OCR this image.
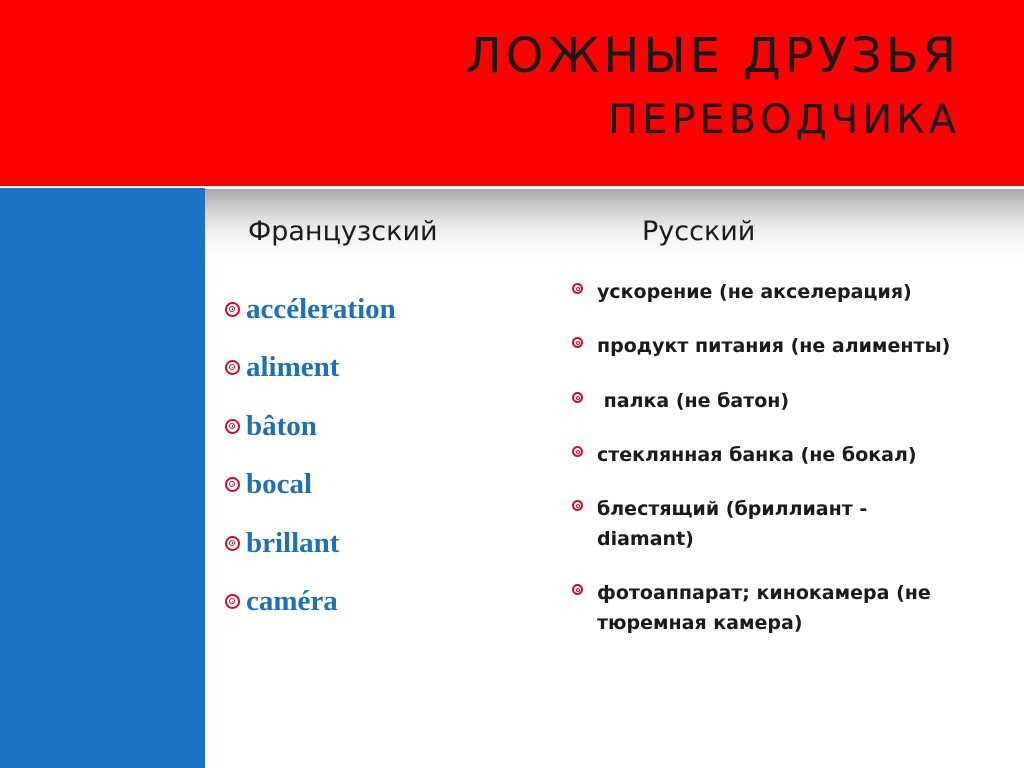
ЛОЖНЫЕ ДРУЗЬЯ
ПЕРЕВОДЧИКА
Французский	Русский
accéleration
aliment
bâton
bocal
brillant
caméra
ускорение (не акселерация)
продукт питания (не алименты)
палка (не батон)
стеклянная банка (не бокал)
блестящий (бриллиант - diamant)
фотоаппарат; кинокамера (не тюремная камера)
